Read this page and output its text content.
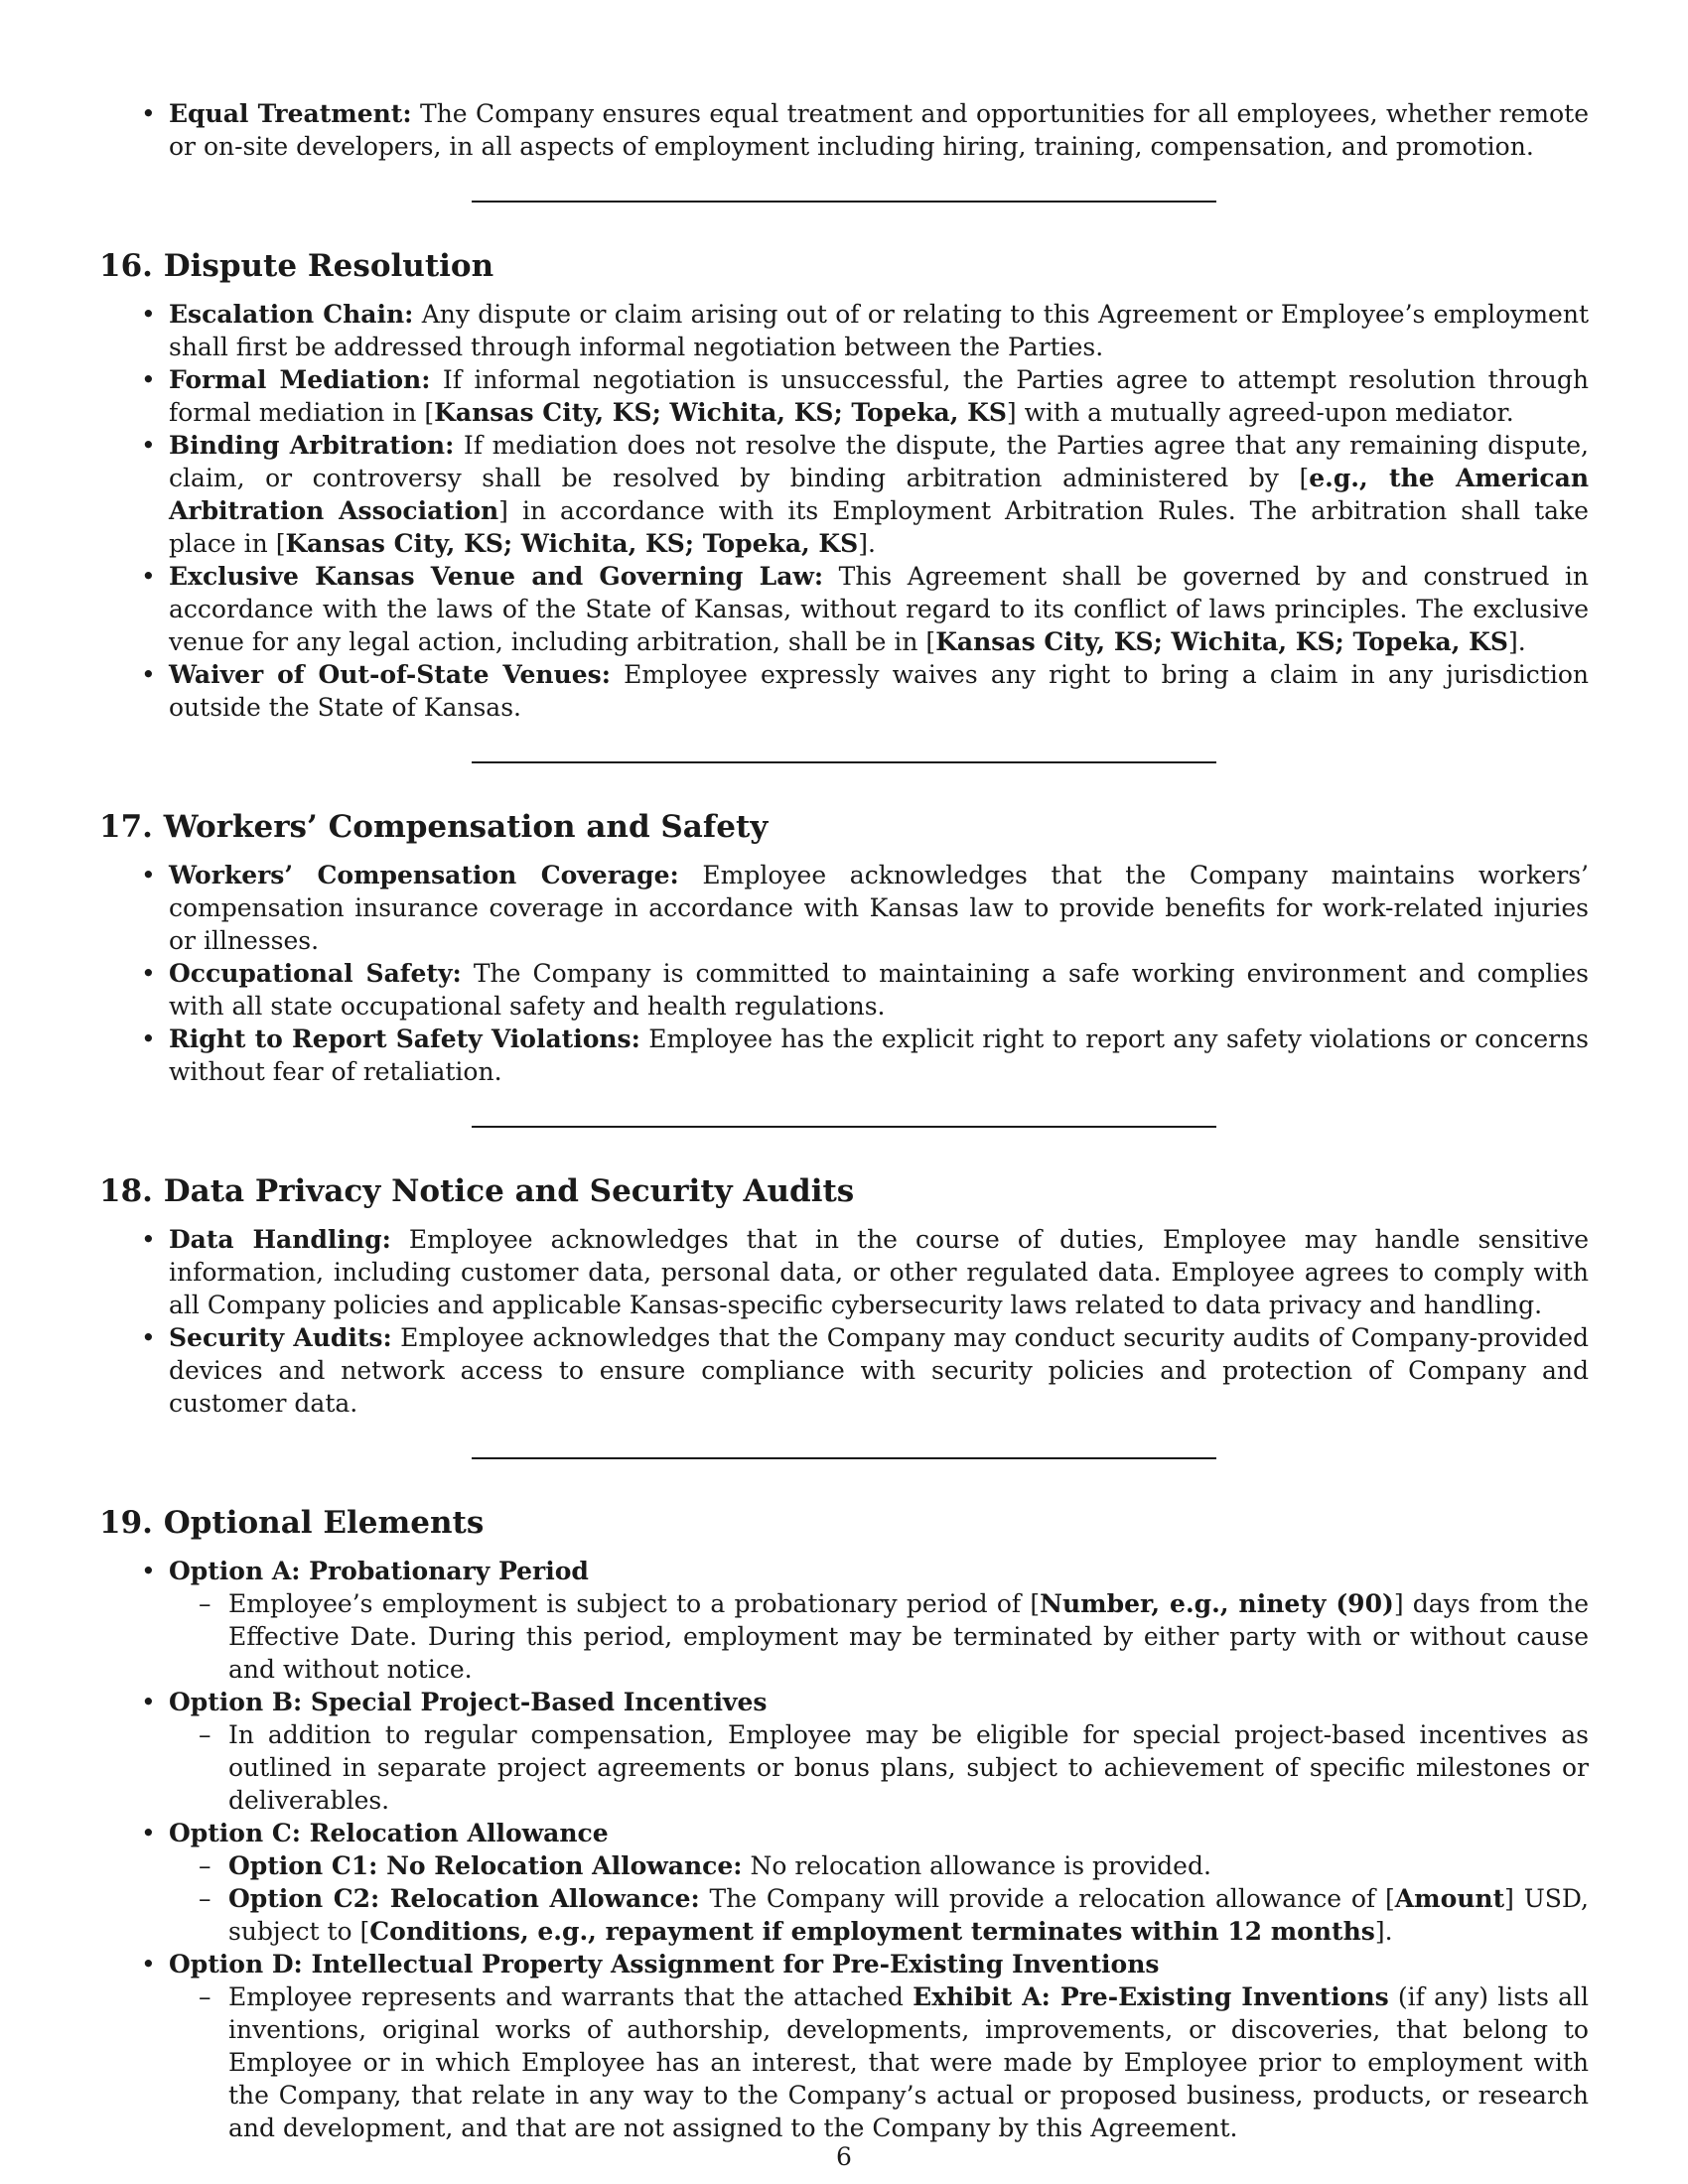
• Equal Treatment: The Company ensures equal treatment and opportunities for all employees, whether remote or on-site developers, in all aspects of employment including hiring, training, compensation, and promotion.
16. Dispute Resolution
• Escalation Chain: Any dispute or claim arising out of or relating to this Agreement or Employee’s employment shall first be addressed through informal negotiation between the Parties.
• Formal Mediation: If informal negotiation is unsuccessful, the Parties agree to attempt resolution through formal mediation in [Kansas City, KS; Wichita, KS; Topeka, KS] with a mutually agreed-upon mediator.
• Binding Arbitration: If mediation does not resolve the dispute, the Parties agree that any remaining dispute, claim, or controversy shall be resolved by binding arbitration administered by [e.g., the American Arbitration Association] in accordance with its Employment Arbitration Rules. The arbitration shall take place in [Kansas City, KS; Wichita, KS; Topeka, KS].
• Exclusive Kansas Venue and Governing Law: This Agreement shall be governed by and construed in accordance with the laws of the State of Kansas, without regard to its conflict of laws principles. The exclusive venue for any legal action, including arbitration, shall be in [Kansas City, KS; Wichita, KS; Topeka, KS].
• Waiver of Out-of-State Venues: Employee expressly waives any right to bring a claim in any jurisdiction outside the State of Kansas.
17. Workers’ Compensation and Safety
• Workers’ Compensation Coverage: Employee acknowledges that the Company maintains workers’ compensation insurance coverage in accordance with Kansas law to provide benefits for work-related injuries or illnesses.
• Occupational Safety: The Company is committed to maintaining a safe working environment and complies with all state occupational safety and health regulations.
• Right to Report Safety Violations: Employee has the explicit right to report any safety violations or concerns without fear of retaliation.
18. Data Privacy Notice and Security Audits
• Data Handling: Employee acknowledges that in the course of duties, Employee may handle sensitive information, including customer data, personal data, or other regulated data. Employee agrees to comply with all Company policies and applicable Kansas-specific cybersecurity laws related to data privacy and handling.
• Security Audits: Employee acknowledges that the Company may conduct security audits of Company-provided devices and network access to ensure compliance with security policies and protection of Company and customer data.
19. Optional Elements
• Option A: Probationary Period
– Employee’s employment is subject to a probationary period of [Number, e.g., ninety (90)] days from the Effective Date. During this period, employment may be terminated by either party with or without cause and without notice.
• Option B: Special Project-Based Incentives
– In addition to regular compensation, Employee may be eligible for special project-based incentives as outlined in separate project agreements or bonus plans, subject to achievement of specific milestones or deliverables.
• Option C: Relocation Allowance
– Option C1: No Relocation Allowance: No relocation allowance is provided.
– Option C2: Relocation Allowance: The Company will provide a relocation allowance of [Amount] USD, subject to [Conditions, e.g., repayment if employment terminates within 12 months].
• Option D: Intellectual Property Assignment for Pre-Existing Inventions
– Employee represents and warrants that the attached Exhibit A: Pre-Existing Inventions (if any) lists all inventions, original works of authorship, developments, improvements, or discoveries, that belong to Employee or in which Employee has an interest, that were made by Employee prior to employment with the Company, that relate in any way to the Company’s actual or proposed business, products, or research and development, and that are not assigned to the Company by this Agreement.
6
